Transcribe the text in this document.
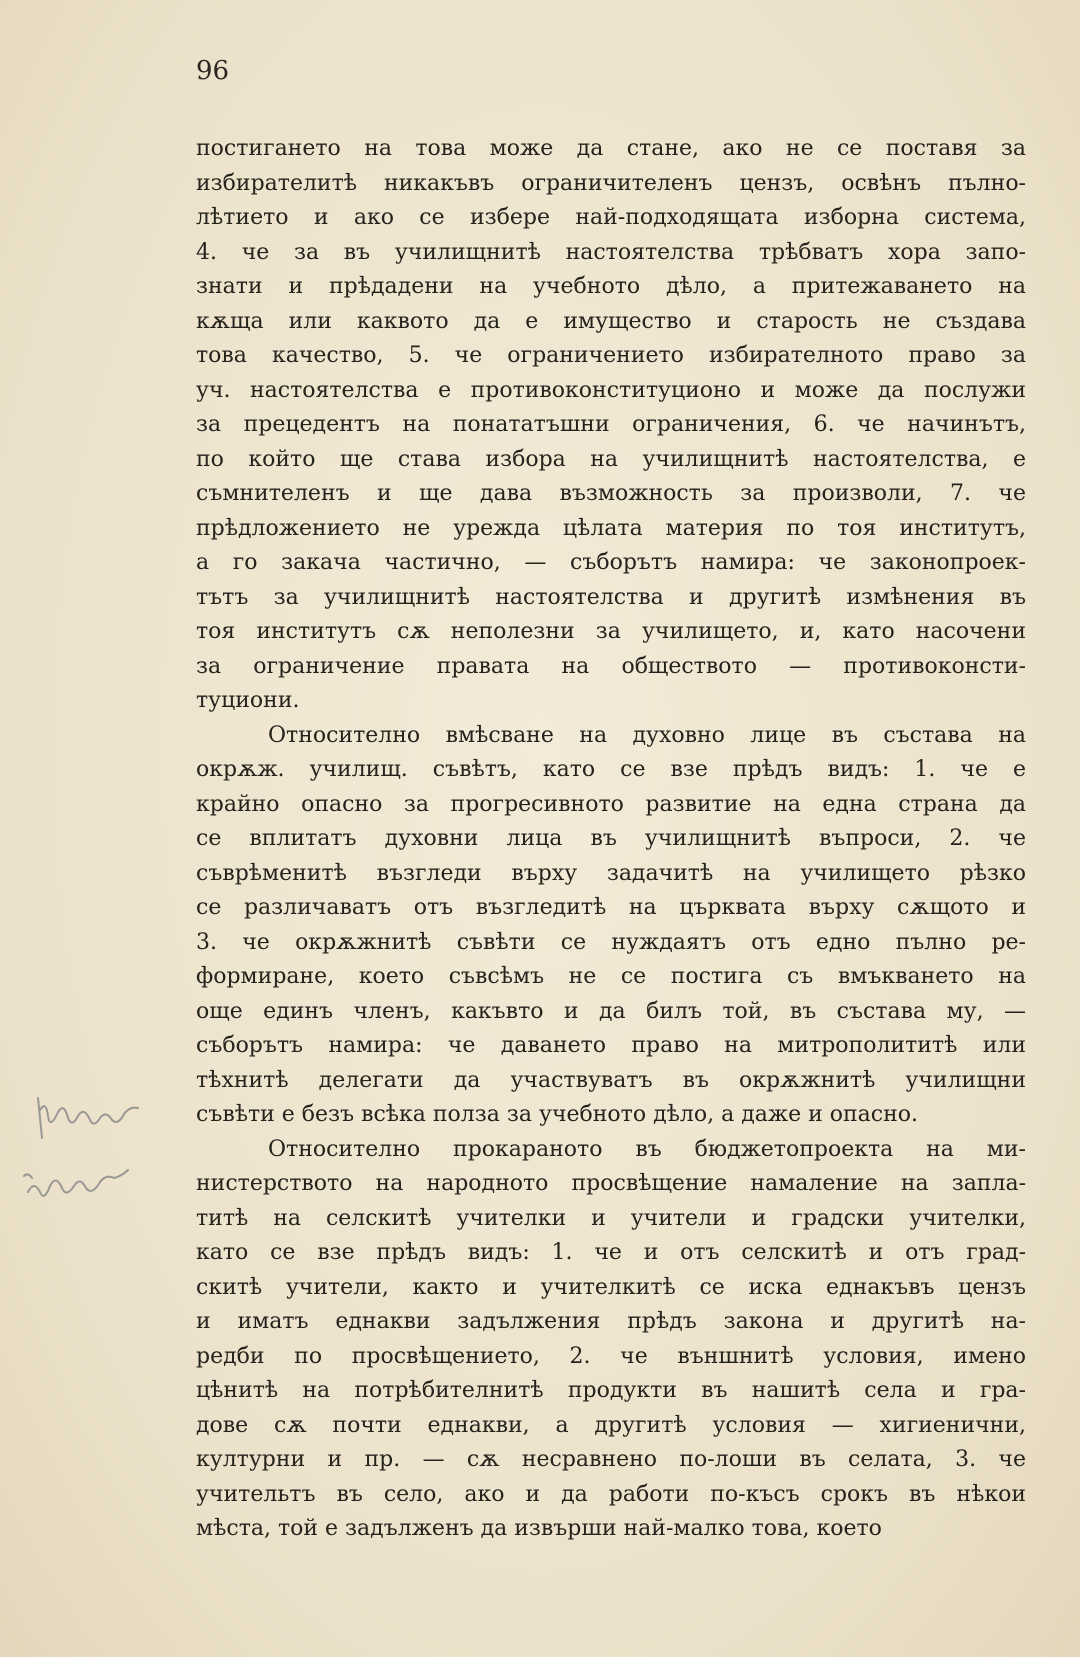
96
постигането на това може да стане, ако не се поставя за
избирателитѣ никакъвъ ограничителенъ цензъ, освѣнъ пълно-
лѣтието и ако се избере най-подходящата изборна система,
4. че за въ училищнитѣ настоятелства трѣбватъ хора запо-
знати и прѣдадени на учебното дѣло, а притежаването на
кѫща или каквото да е имущество и старость не създава
това качество, 5. че ограничението избирателното право за
уч. настоятелства е противоконституционо и може да послужи
за прецедентъ на понататъшни ограничения, 6. че начинътъ,
по който ще става избора на училищнитѣ настоятелства, е
съмнителенъ и ще дава възможность за произволи, 7. че
прѣдложението не урежда цѣлата материя по тоя институтъ,
а го закача частично, — съборътъ намира: че законопроек-
тътъ за училищнитѣ настоятелства и другитѣ измѣнения въ
тоя институтъ сѫ неполезни за училището, и, като насочени
за ограничение правата на обществото — противоконсти-
туциони.
Относително вмѣсване на духовно лице въ състава на
окрѫж. училищ. съвѣтъ, като се взе прѣдъ видъ: 1. че е
крайно опасно за прогресивното развитие на една страна да
се вплитатъ духовни лица въ училищнитѣ въпроси, 2. че
съврѣменитѣ възгледи върху задачитѣ на училището рѣзко
се различаватъ отъ възгледитѣ на църквата върху сѫщото и
3. че окрѫжнитѣ съвѣти се нуждаятъ отъ едно пълно ре-
формиране, което съвсѣмъ не се постига съ вмъкването на
още единъ членъ, какъвто и да билъ той, въ състава му, —
съборътъ намира: че даването право на митрополититѣ или
тѣхнитѣ делегати да участвуватъ въ окрѫжнитѣ училищни
съвѣти е безъ всѣка полза за учебното дѣло, а даже и опасно.
Относително прокараното въ бюджетопроекта на ми-
нистерството на народното просвѣщение намаление на запла-
титѣ на селскитѣ учителки и учители и градски учителки,
като се взе прѣдъ видъ: 1. че и отъ селскитѣ и отъ град-
скитѣ учители, както и учителкитѣ се иска еднакъвъ цензъ
и иматъ еднакви задължения прѣдъ закона и другитѣ на-
редби по просвѣщението, 2. че външнитѣ условия, имено
цѣнитѣ на потрѣбителнитѣ продукти въ нашитѣ села и гра-
дове сѫ почти еднакви, а другитѣ условия — хигиенични,
културни и пр. — сѫ несравнено по-лоши въ селата, 3. че
учительтъ въ село, ако и да работи по-късъ срокъ въ нѣкои
мѣста, той е задълженъ да извърши най-малко това, което
